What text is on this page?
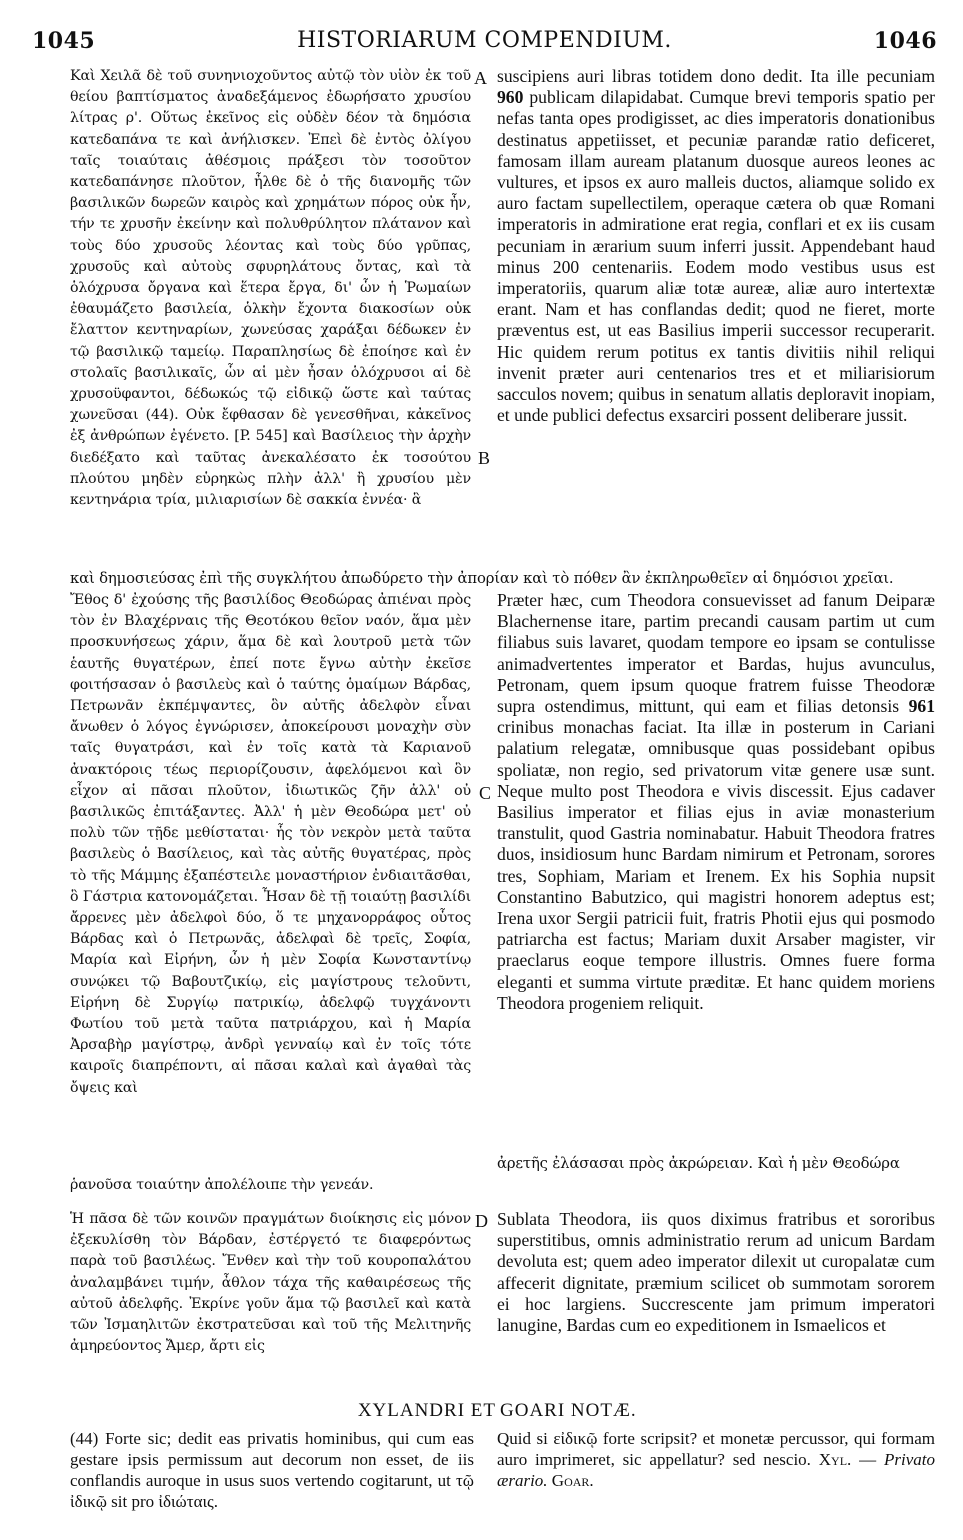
1045	HISTORIARUM COMPENDIUM.	1046

Καὶ Χειλᾶ δὲ τοῦ συνηνιοχοῦντος αὐτῷ τὸν υἱὸν ἐκ τοῦ θείου βαπτίσματος ἀναδεξάμενος ἐδωρήσατο χρυσίου λίτρας ρ'. Οὕτως ἐκεῖνος εἰς οὐδὲν δέον τὰ δημόσια κατεδαπάνα τε καὶ ἀνήλισκεν. Ἐπεὶ δὲ ἐντὸς ὀλίγου ταῖς τοιαύταις ἀθέσμοις πράξεσι τὸν τοσοῦτον κατεδαπάνησε πλοῦτον, ἦλθε δὲ ὁ τῆς διανομῆς τῶν βασιλικῶν δωρεῶν καιρὸς καὶ χρημάτων πόρος οὐκ ἦν, τήν τε χρυσῆν ἐκείνην καὶ πολυθρύλητον πλάτανον καὶ τοὺς δύο χρυσοῦς λέοντας καὶ τοὺς δύο γρῦπας, χρυσοῦς καὶ αὐτοὺς σφυρηλάτους ὄντας, καὶ τὰ ὁλόχρυσα ὄργανα καὶ ἕτερα ἔργα, δι' ὧν ἡ Ῥωμαίων ἐθαυμάζετο βασιλεία, ὁλκὴν ἔχοντα διακοσίων οὐκ ἔλαττον κεντηναρίων, χωνεύσας χαράξαι δέδωκεν ἐν τῷ βασιλικῷ ταμείῳ. Παραπλησίως δὲ ἐποίησε καὶ ἐν στολαῖς βασιλικαῖς, ὧν αἱ μὲν ἦσαν ὁλόχρυσοι αἱ δὲ χρυσοϋφαντοι, δέδωκώς τῷ εἰδικῷ ὥστε καὶ ταύτας χωνεῦσαι (44). Οὐκ ἔφθασαν δὲ γενεσθῆναι, κἀκεῖνος ἐξ ἀνθρώπων ἐγένετο. [P. 545] καὶ Βασίλειος τὴν ἀρχὴν διεδέξατο καὶ ταῦτας ἀνεκαλέσατο ἐκ τοσούτου πλούτου μηδὲν εὑρηκὼς πλὴν ἀλλ' ἢ χρυσίου μὲν κεντηνάρια τρία, μιλιαρισίων δὲ σακκία ἐννέα· ἃ

A suscipiens auri libras totidem dono dedit. Ita ille pecuniam 960 publicam dilapidabat. Cumque brevi temporis spatio per nefas tanta opes prodigisset, ac dies imperatoris donationibus destinatus appetiisset, et pecuniæ parandæ ratio deficeret, famosam illam auream platanum duosque aureos leones ac vultures, et ipsos ex auro malleis ductos, aliamque solido ex auro factam supellectilem, operaque cætera ob quæ Romani imperatoris in admiratione erat regia, conflari et ex iis cusam pecuniam in ærarium suum inferri jussit. Appendebant haud minus 200 centenariis. Eodem modo vestibus usus est imperatoriis, quarum aliæ totæ aureæ, aliæ auro intertextæ erant. Nam et has conflandas dedit; quod ne fieret, morte præventus est, ut eas Basilius imperii successor recuperarit. Hic quidem rerum potitus ex tantis divitiis nihil reliqui invenit præter auri centenarios tres et et miliarisiorum sacculos novem; quibus in senatum allatis deploravit inopiam, et unde publici defectus exsarciri possent deliberare jussit.

B
καὶ δημοσιεύσας ἐπὶ τῆς συγκλήτου ἀπωδύρετο τὴν ἀπορίαν καὶ τὸ πόθεν ἂν ἐκπληρωθεῖεν αἱ δημόσιοι χρεῖαι.

Ἔθος δ' ἐχούσης τῆς βασιλίδος Θεοδώρας ἀπιέναι πρὸς τὸν ἐν Βλαχέρναις τῆς Θεοτόκου θεῖον ναόν, ἅμα μὲν προσκυνήσεως χάριν, ἅμα δὲ καὶ λουτροῦ μετὰ τῶν ἑαυτῆς θυγατέρων, ἐπεί ποτε ἔγνω αὐτὴν ἐκεῖσε φοιτήσασαν ὁ βασιλεὺς καὶ ὁ ταύτης ὁμαίμων Βάρδας, Πετρωνᾶν ἐκπέμψαντες, ὃν αὐτῆς ἀδελφὸν εἶναι ἄνωθεν ὁ λόγος ἐγνώρισεν, ἀποκείρουσι μοναχὴν σὺν ταῖς θυγατράσι, καὶ ἐν τοῖς κατὰ τὰ Καριανοῦ ἀνακτόροις τέως περιορίζουσιν, ἀφελόμενοι καὶ ὃν εἶχον αἱ πᾶσαι πλοῦτον, ἰδιωτικῶς ζῆν ἀλλ' οὐ βασιλικῶς ἐπιτάξαντες. Ἀλλ' ἡ μὲν Θεοδώρα μετ' οὐ πολὺ τῶν τῇδε μεθίσταται· ἧς τὸν νεκρὸν μετὰ ταῦτα βασιλεὺς ὁ Βασίλειος, καὶ τὰς αὐτῆς θυγατέρας, πρὸς τὸ τῆς Μάμμης ἐξαπέστειλε μοναστήριον ἐνδιαιτᾶσθαι, ὃ Γάστρια κατονομάζεται. Ἦσαν δὲ τῇ τοιαύτῃ βασιλίδι ἄρρενες μὲν ἀδελφοὶ δύο, ὅ τε μηχανορράφος οὗτος Βάρδας καὶ ὁ Πετρωνᾶς, ἀδελφαὶ δὲ τρεῖς, Σοφία, Μαρία καὶ Εἰρήνη, ὧν ἡ μὲν Σοφία Κωνσταντίνῳ συνῴκει τῷ Βαβουτζικίῳ, εἰς μαγίστρους τελοῦντι, Εἰρήνη δὲ Συργίῳ πατρικίῳ, ἀδελφῷ τυγχάνοντι Φωτίου τοῦ μετὰ ταῦτα πατριάρχου, καὶ ἡ Μαρία Ἀρσαβὴρ μαγίστρῳ, ἀνδρὶ γενναίῳ καὶ ἐν τοῖς τότε καιροῖς διαπρέποντι, αἱ πᾶσαι καλαὶ καὶ ἀγαθαὶ τὰς ὄψεις καὶ

C

Præter hæc, cum Theodora consuevisset ad fanum Deiparæ Blachernense itare, partim precandi causam partim ut cum filiabus suis lavaret, quodam tempore eo ipsam se contulisse animadvertentes imperator et Bardas, hujus avunculus, Petronam, quem ipsum quoque fratrem fuisse Theodoræ supra ostendimus, mittunt, qui eam et filias detonsis 961 crinibus monachas faciat. Ita illæ in posterum in Cariani palatium relegatæ, omnibusque quas possidebant opibus spoliatæ, non regio, sed privatorum vitæ genere usæ sunt. Neque multo post Theodora e vivis discessit. Ejus cadaver Basilius imperator et filias ejus in aviæ monasterium transtulit, quod Gastria nominabatur. Habuit Theodora fratres duos, insidiosum hunc Bardam nimirum et Petronam, sorores tres, Sophiam, Mariam et Irenem. Ex his Sophia nupsit Constantino Babutzico, qui magistri honorem adeptus est; Irena uxor Sergii patricii fuit, fratris Photii ejus qui posmodo patriarcha est factus; Mariam duxit Arsaber magister, vir praeclarus eoque tempore illustris. Omnes fuere forma eleganti et summa virtute præditæ. Et hanc quidem moriens Theodora progeniem reliquit.

ἀρετῆς ἐλάσασαι πρὸς ἀκρώρειαν. Καὶ ἡ μὲν Θεοδώρα
ῥανοῦσα τοιαύτην ἀπολέλοιπε τὴν γενεάν.

Ἡ πᾶσα δὲ τῶν κοινῶν πραγμάτων διοίκησις εἰς μόνον ἐξεκυλίσθη τὸν Βάρδαν, ἐστέργετό τε διαφερόντως παρὰ τοῦ βασιλέως. Ἔνθεν καὶ τὴν τοῦ κουροπαλάτου ἀναλαμβάνει τιμήν, ἆθλον τάχα τῆς καθαιρέσεως τῆς αὐτοῦ ἀδελφῆς. Ἐκρίνε γοῦν ἅμα τῷ βασιλεῖ καὶ κατὰ τῶν Ἰσμαηλιτῶν ἐκστρατεῦσαι καὶ τοῦ τῆς Μελιτηνῆς ἀμηρεύοντος Ἄμερ, ἄρτι εἰς

D Sublata Theodora, iis quos diximus fratribus et sororibus superstitibus, omnis administratio rerum ad unicum Bardam devoluta est; quem adeo imperator dilexit ut curopalatæ cum affecerit dignitate, præmium scilicet ob summotam sororem ei hoc largiens. Succrescente jam primum imperatori lanugine, Bardas cum eo expeditionem in Ismaelicos et

XYLANDRI ET GOARI NOTÆ.

(44) Forte sic; dedit eas privatis hominibus, qui cum eas gestare ipsis permissum aut decorum non esset, de iis conflandis auroque in usus suos vertendo cogitarunt, ut τῷ ἰδικῷ sit pro ἰδιώταις.

Quid si εἰδικῷ forte scripsit? et monetæ percussor, qui formam auro imprimeret, sic appellatur? sed nescio. Xyl. — Privato ærario. Goar.
